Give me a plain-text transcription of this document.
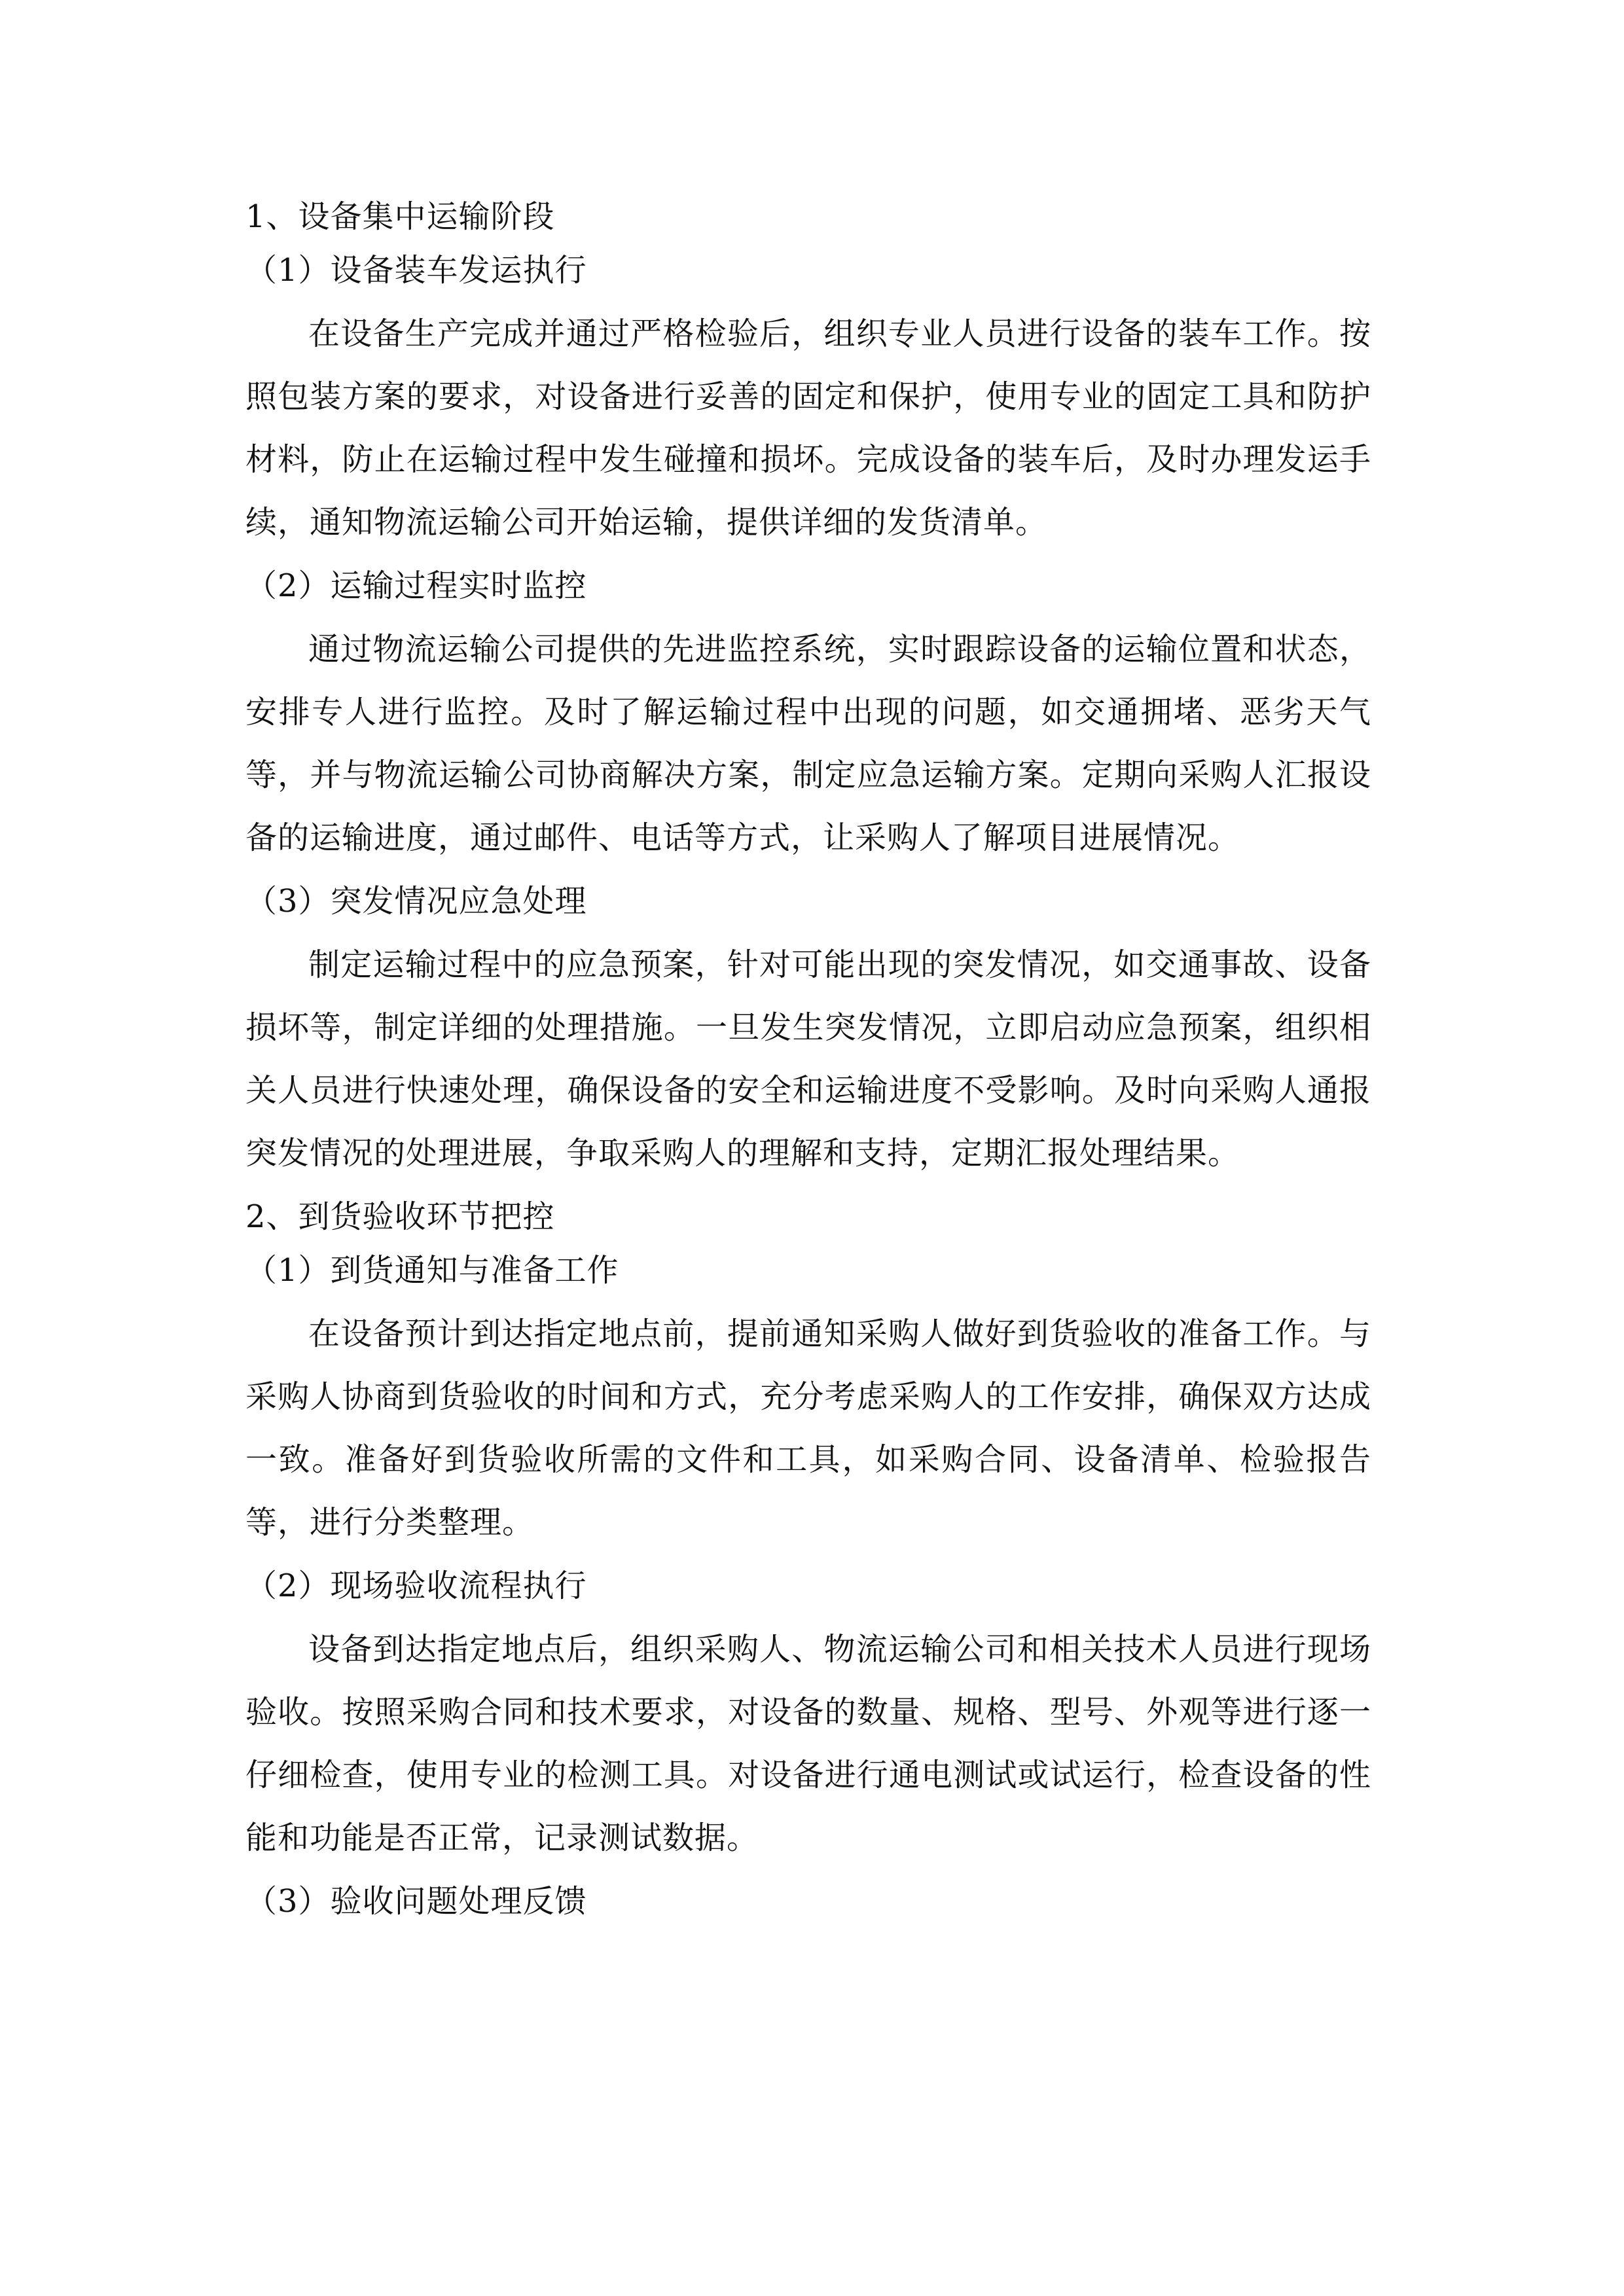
1、设备集中运输阶段

（1）设备装车发运执行

在设备生产完成并通过严格检验后，组织专业人员进行设备的装车工作。按照包装方案的要求，对设备进行妥善的固定和保护，使用专业的固定工具和防护材料，防止在运输过程中发生碰撞和损坏。完成设备的装车后，及时办理发运手续，通知物流运输公司开始运输，提供详细的发货清单。

（2）运输过程实时监控

通过物流运输公司提供的先进监控系统，实时跟踪设备的运输位置和状态，安排专人进行监控。及时了解运输过程中出现的问题，如交通拥堵、恶劣天气等，并与物流运输公司协商解决方案，制定应急运输方案。定期向采购人汇报设备的运输进度，通过邮件、电话等方式，让采购人了解项目进展情况。

（3）突发情况应急处理

制定运输过程中的应急预案，针对可能出现的突发情况，如交通事故、设备损坏等，制定详细的处理措施。一旦发生突发情况，立即启动应急预案，组织相关人员进行快速处理，确保设备的安全和运输进度不受影响。及时向采购人通报突发情况的处理进展，争取采购人的理解和支持，定期汇报处理结果。

2、到货验收环节把控

（1）到货通知与准备工作

在设备预计到达指定地点前，提前通知采购人做好到货验收的准备工作。与采购人协商到货验收的时间和方式，充分考虑采购人的工作安排，确保双方达成一致。准备好到货验收所需的文件和工具，如采购合同、设备清单、检验报告等，进行分类整理。

（2）现场验收流程执行

设备到达指定地点后，组织采购人、物流运输公司和相关技术人员进行现场验收。按照采购合同和技术要求，对设备的数量、规格、型号、外观等进行逐一仔细检查，使用专业的检测工具。对设备进行通电测试或试运行，检查设备的性能和功能是否正常，记录测试数据。

（3）验收问题处理反馈
